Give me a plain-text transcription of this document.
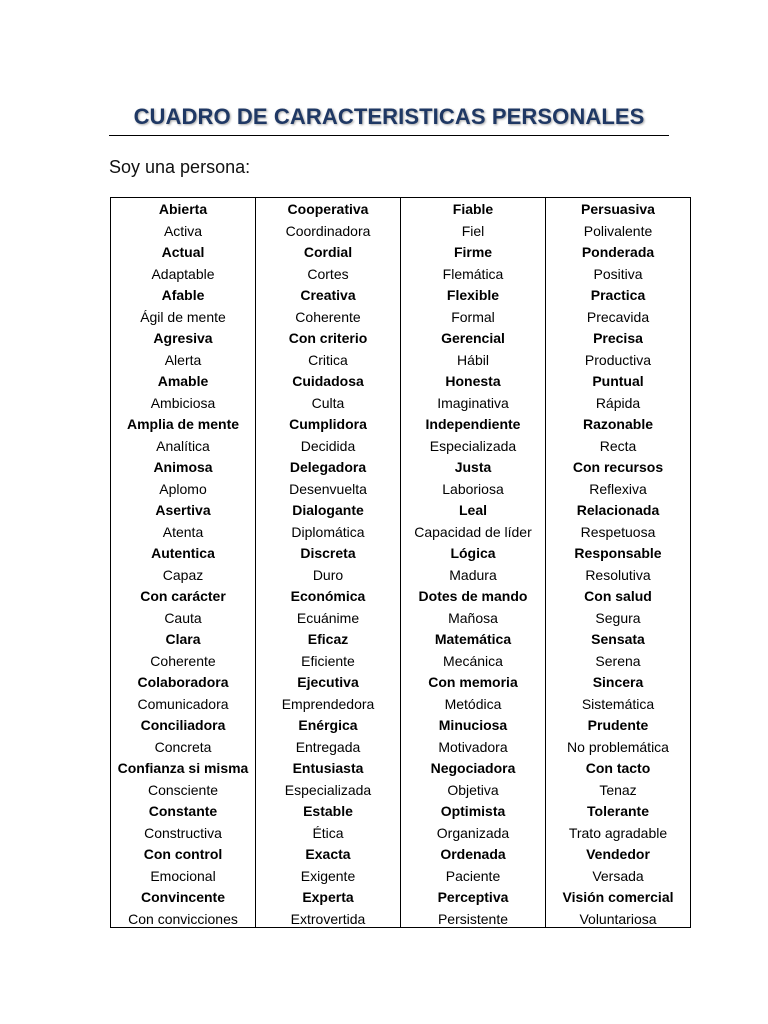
CUADRO DE CARACTERISTICAS PERSONALES
Soy una persona:
Abierta
Activa
Actual
Adaptable
Afable
Ágil de mente
Agresiva
Alerta
Amable
Ambiciosa
Amplia de mente
Analítica
Animosa
Aplomo
Asertiva
Atenta
Autentica
Capaz
Con carácter
Cauta
Clara
Coherente
Colaboradora
Comunicadora
Conciliadora
Concreta
Confianza si misma
Consciente
Constante
Constructiva
Con control
Emocional
Convincente
Con convicciones
Cooperativa
Coordinadora
Cordial
Cortes
Creativa
Coherente
Con criterio
Critica
Cuidadosa
Culta
Cumplidora
Decidida
Delegadora
Desenvuelta
Dialogante
Diplomática
Discreta
Duro
Económica
Ecuánime
Eficaz
Eficiente
Ejecutiva
Emprendedora
Enérgica
Entregada
Entusiasta
Especializada
Estable
Ética
Exacta
Exigente
Experta
Extrovertida
Fiable
Fiel
Firme
Flemática
Flexible
Formal
Gerencial
Hábil
Honesta
Imaginativa
Independiente
Especializada
Justa
Laboriosa
Leal
Capacidad de líder
Lógica
Madura
Dotes de mando
Mañosa
Matemática
Mecánica
Con memoria
Metódica
Minuciosa
Motivadora
Negociadora
Objetiva
Optimista
Organizada
Ordenada
Paciente
Perceptiva
Persistente
Persuasiva
Polivalente
Ponderada
Positiva
Practica
Precavida
Precisa
Productiva
Puntual
Rápida
Razonable
Recta
Con recursos
Reflexiva
Relacionada
Respetuosa
Responsable
Resolutiva
Con salud
Segura
Sensata
Serena
Sincera
Sistemática
Prudente
No problemática
Con tacto
Tenaz
Tolerante
Trato agradable
Vendedor
Versada
Visión comercial
Voluntariosa
